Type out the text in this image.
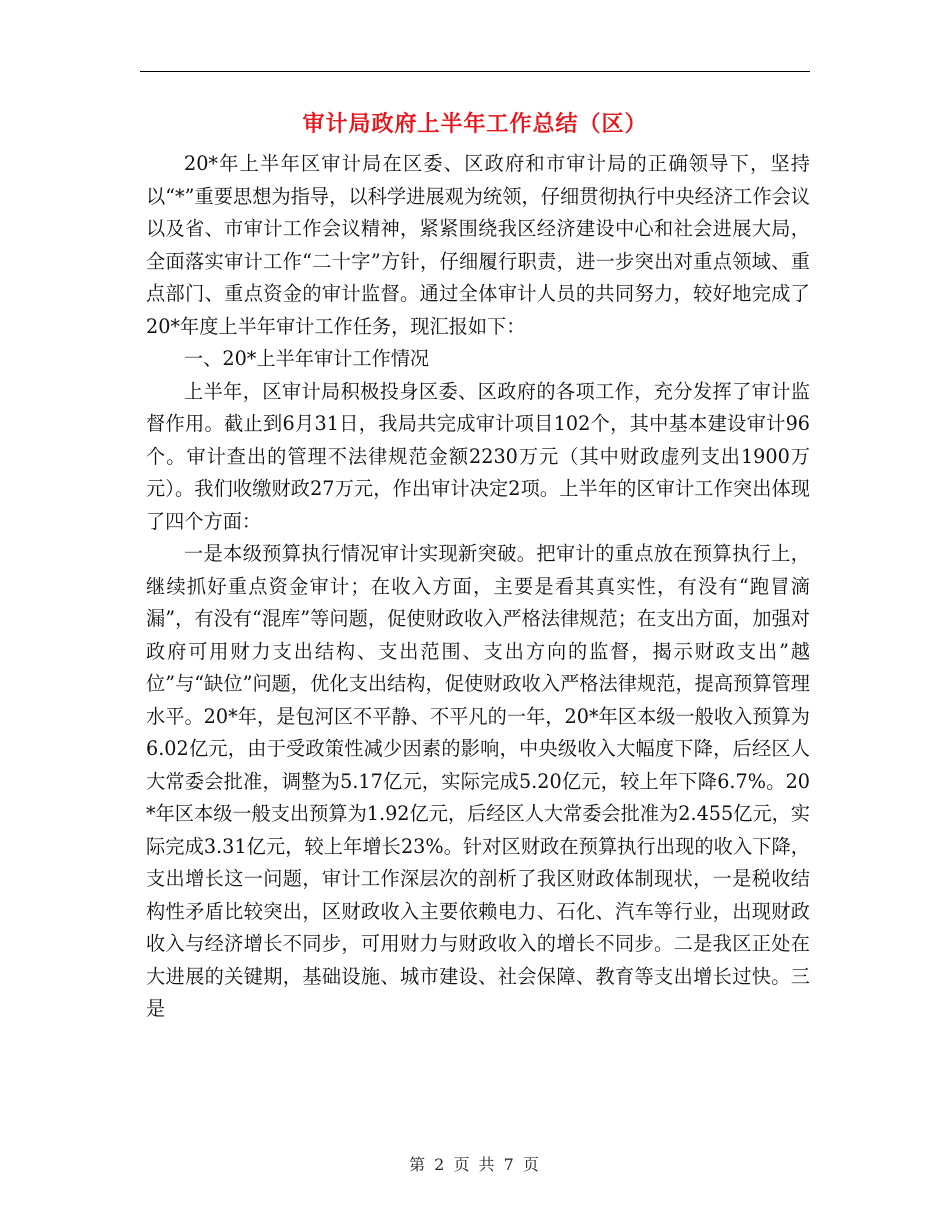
审计局政府上半年工作总结（区）

20*年上半年区审计局在区委、区政府和市审计局的正确领导下，坚持以“*”重要思想为指导，以科学进展观为统领，仔细贯彻执行中央经济工作会议以及省、市审计工作会议精神，紧紧围绕我区经济建设中心和社会进展大局，全面落实审计工作“二十字”方针，仔细履行职责，进一步突出对重点领域、重点部门、重点资金的审计监督。通过全体审计人员的共同努力，较好地完成了20*年度上半年审计工作任务，现汇报如下：

一、20*上半年审计工作情况

上半年，区审计局积极投身区委、区政府的各项工作，充分发挥了审计监督作用。截止到6月31日，我局共完成审计项目102个，其中基本建设审计96个。审计查出的管理不法律规范金额2230万元（其中财政虚列支出1900万元）。我们收缴财政27万元，作出审计决定2项。上半年的区审计工作突出体现了四个方面：

一是本级预算执行情况审计实现新突破。把审计的重点放在预算执行上，继续抓好重点资金审计；在收入方面，主要是看其真实性，有没有“跑冒滴漏”，有没有“混库”等问题，促使财政收入严格法律规范；在支出方面，加强对政府可用财力支出结构、支出范围、支出方向的监督，揭示财政支出”越位”与“缺位”问题，优化支出结构，促使财政收入严格法律规范，提高预算管理水平。20*年，是包河区不平静、不平凡的一年，20*年区本级一般收入预算为6.02亿元，由于受政策性减少因素的影响，中央级收入大幅度下降，后经区人大常委会批准，调整为5.17亿元，实际完成5.20亿元，较上年下降6.7%。20*年区本级一般支出预算为1.92亿元，后经区人大常委会批准为2.455亿元，实际完成3.31亿元，较上年增长23%。针对区财政在预算执行出现的收入下降，支出增长这一问题，审计工作深层次的剖析了我区财政体制现状，一是税收结构性矛盾比较突出，区财政收入主要依赖电力、石化、汽车等行业，出现财政收入与经济增长不同步，可用财力与财政收入的增长不同步。二是我区正处在大进展的关键期，基础设施、城市建设、社会保障、教育等支出增长过快。三是

第 2 页 共 7 页
